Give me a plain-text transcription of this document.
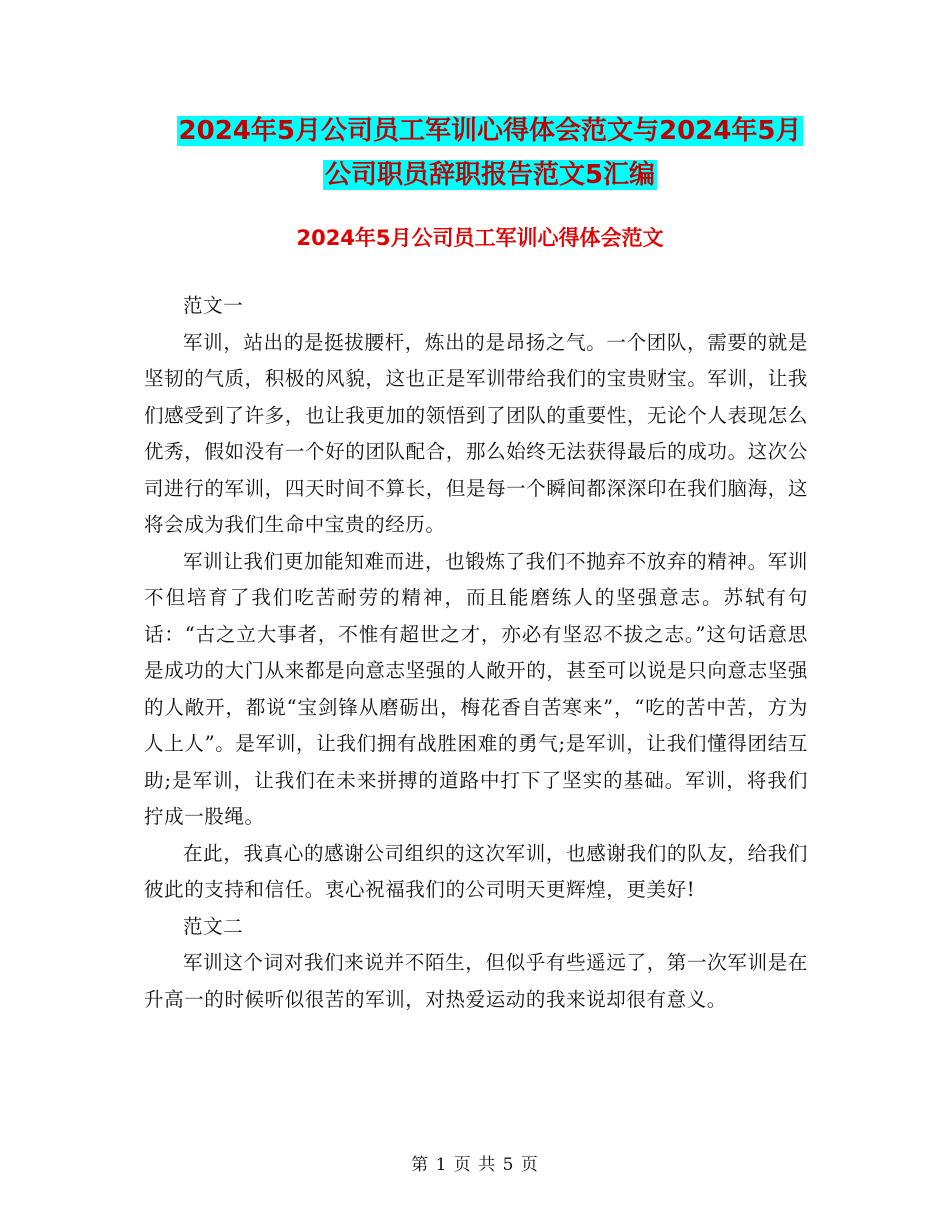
2024年5月公司员工军训心得体会范文与2024年5月
公司职员辞职报告范文5汇编
2024年5月公司员工军训心得体会范文

范文一

军训，站出的是挺拔腰杆，炼出的是昂扬之气。一个团队，需要的就是坚韧的气质，积极的风貌，这也正是军训带给我们的宝贵财宝。军训，让我们感受到了许多，也让我更加的领悟到了团队的重要性，无论个人表现怎么优秀，假如没有一个好的团队配合，那么始终无法获得最后的成功。这次公司进行的军训，四天时间不算长，但是每一个瞬间都深深印在我们脑海，这将会成为我们生命中宝贵的经历。

军训让我们更加能知难而进，也锻炼了我们不抛弃不放弃的精神。军训不但培育了我们吃苦耐劳的精神，而且能磨练人的坚强意志。苏轼有句话：“古之立大事者，不惟有超世之才，亦必有坚忍不拔之志。”这句话意思是成功的大门从来都是向意志坚强的人敞开的，甚至可以说是只向意志坚强的人敞开，都说“宝剑锋从磨砺出，梅花香自苦寒来”，“吃的苦中苦，方为人上人”。是军训，让我们拥有战胜困难的勇气;是军训，让我们懂得团结互助;是军训，让我们在未来拼搏的道路中打下了坚实的基础。军训，将我们拧成一股绳。

在此，我真心的感谢公司组织的这次军训，也感谢我们的队友，给我们彼此的支持和信任。衷心祝福我们的公司明天更辉煌，更美好!

范文二

军训这个词对我们来说并不陌生，但似乎有些遥远了，第一次军训是在升高一的时候听似很苦的军训，对热爱运动的我来说却很有意义。

第 1 页 共 5 页
